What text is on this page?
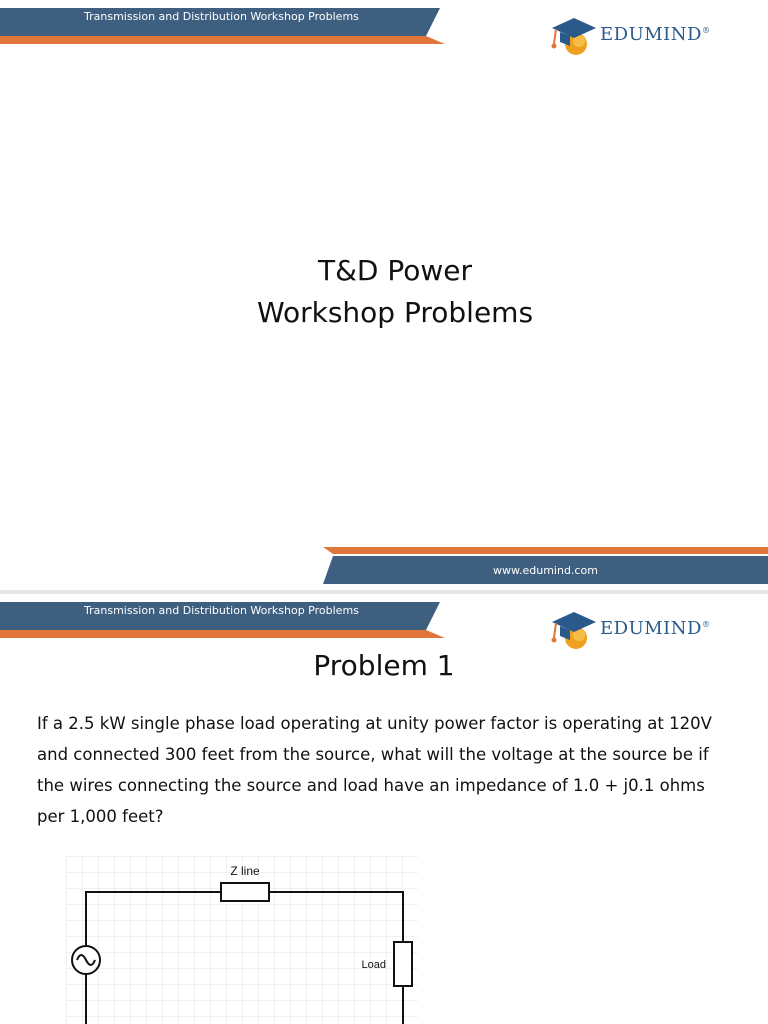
Transmission and Distribution Workshop Problems
EDUMIND®
T&D Power
Workshop Problems
www.edumind.com
Transmission and Distribution Workshop Problems
EDUMIND®
Problem 1
If a 2.5 kW single phase load operating at unity power factor is operating at 120V and connected 300 feet from the source, what will the voltage at the source be if the wires connecting the source and load have an impedance of 1.0 + j0.1 ohms per 1,000 feet?
Z line
Load
